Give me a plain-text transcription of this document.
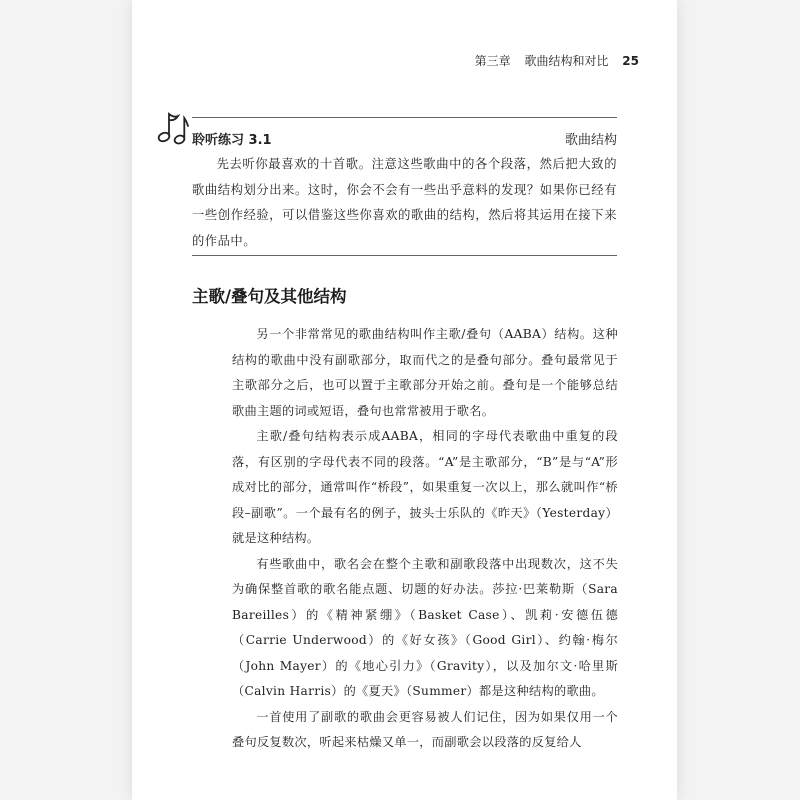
第三章 歌曲结构和对比 25
聆听练习 3.1	歌曲结构

先去听你最喜欢的十首歌。注意这些歌曲中的各个段落，然后把大致的歌曲结构划分出来。这时，你会不会有一些出乎意料的发现？如果你已经有一些创作经验，可以借鉴这些你喜欢的歌曲的结构，然后将其运用在接下来的作品中。

主歌/叠句及其他结构

另一个非常常见的歌曲结构叫作主歌/叠句（AABA）结构。这种结构的歌曲中没有副歌部分，取而代之的是叠句部分。叠句最常见于主歌部分之后，也可以置于主歌部分开始之前。叠句是一个能够总结歌曲主题的词或短语，叠句也常常被用于歌名。

主歌/叠句结构表示成AABA，相同的字母代表歌曲中重复的段落，有区别的字母代表不同的段落。“A”是主歌部分，“B”是与“A”形成对比的部分，通常叫作“桥段”，如果重复一次以上，那么就叫作“桥段–副歌”。一个最有名的例子，披头士乐队的《昨天》（Yesterday）就是这种结构。

有些歌曲中，歌名会在整个主歌和副歌段落中出现数次，这不失为确保整首歌的歌名能点题、切题的好办法。莎拉·巴莱勒斯（Sara Bareilles）的《精神紧绷》（Basket Case）、凯莉·安德伍德（Carrie Underwood）的《好女孩》（Good Girl）、约翰·梅尔（John Mayer）的《地心引力》（Gravity），以及加尔文·哈里斯（Calvin Harris）的《夏天》（Summer）都是这种结构的歌曲。

一首使用了副歌的歌曲会更容易被人们记住，因为如果仅用一个叠句反复数次，听起来枯燥又单一，而副歌会以段落的反复给人
